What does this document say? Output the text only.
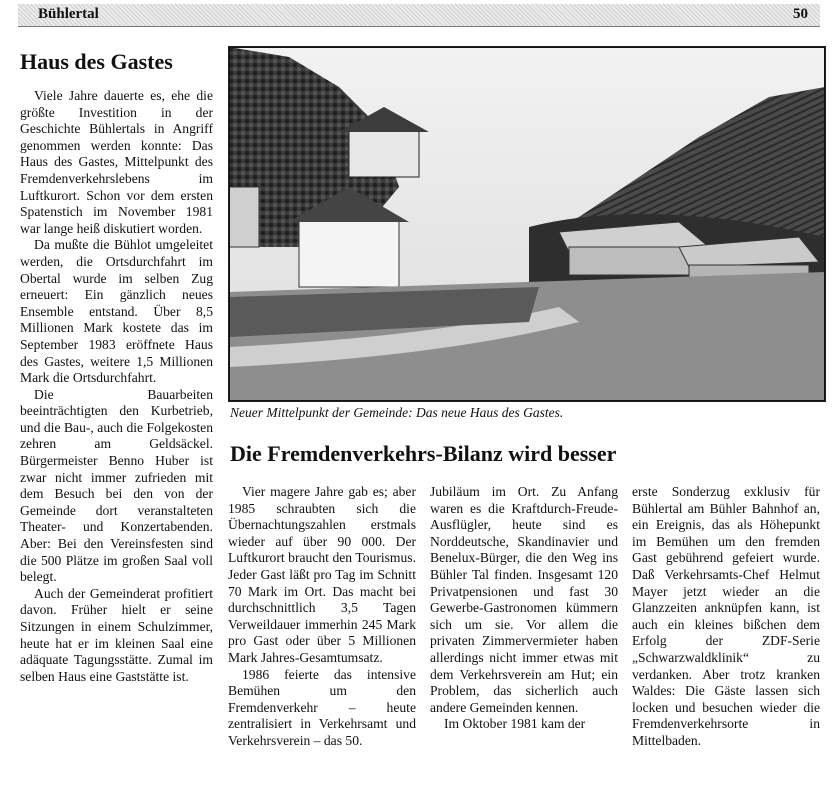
Bühlertal	50
Haus des Gastes

Viele Jahre dauerte es, ehe die größte Investition in der Geschichte Bühlertals in Angriff genommen werden konnte: Das Haus des Gastes, Mittelpunkt des Fremdenverkehrslebens im Luftkurort. Schon vor dem ersten Spatenstich im November 1981 war lange heiß diskutiert worden.

Da mußte die Bühlot umgeleitet werden, die Ortsdurchfahrt im Obertal wurde im selben Zug erneuert: Ein gänzlich neues Ensemble entstand. Über 8,5 Millionen Mark kostete das im September 1983 eröffnete Haus des Gastes, weitere 1,5 Millionen Mark die Ortsdurchfahrt.

Die Bauarbeiten beeinträchtigten den Kurbetrieb, und die Bau-, auch die Folgekosten zehren am Geldsäckel. Bürgermeister Benno Huber ist zwar nicht immer zufrieden mit dem Besuch bei den von der Gemeinde dort veranstalteten Theater- und Konzertabenden. Aber: Bei den Vereinsfesten sind die 500 Plätze im großen Saal voll belegt.

Auch der Gemeinderat profitiert davon. Früher hielt er seine Sitzungen in einem Schulzimmer, heute hat er im kleinen Saal eine adäquate Tagungsstätte. Zumal im selben Haus eine Gaststätte ist.

Neuer Mittelpunkt der Gemeinde: Das neue Haus des Gastes.
Die Fremdenverkehrs-Bilanz wird besser

Vier magere Jahre gab es; aber 1985 schraubten sich die Übernachtungszahlen erstmals wieder auf über 90 000. Der Luftkurort braucht den Tourismus. Jeder Gast läßt pro Tag im Schnitt 70 Mark im Ort. Das macht bei durchschnittlich 3,5 Tagen Verweildauer immerhin 245 Mark pro Gast oder über 5 Millionen Mark Jahres-Gesamtumsatz.

1986 feierte das intensive Bemühen um den Fremdenverkehr – heute zentralisiert in Verkehrsamt und Verkehrsverein – das 50.

Jubiläum im Ort. Zu Anfang waren es die Kraftdurch-Freude-Ausflügler, heute sind es Norddeutsche, Skandinavier und Benelux-Bürger, die den Weg ins Bühler Tal finden. Insgesamt 120 Privatpensionen und fast 30 Gewerbe-Gastronomen kümmern sich um sie. Vor allem die privaten Zimmervermieter haben allerdings nicht immer etwas mit dem Verkehrsverein am Hut; ein Problem, das sicherlich auch andere Gemeinden kennen.

Im Oktober 1981 kam der

erste Sonderzug exklusiv für Bühlertal am Bühler Bahnhof an, ein Ereignis, das als Höhepunkt im Bemühen um den fremden Gast gebührend gefeiert wurde. Daß Verkehrsamts-Chef Helmut Mayer jetzt wieder an die Glanzzeiten anknüpfen kann, ist auch ein kleines bißchen dem Erfolg der ZDF-Serie „Schwarzwaldklinik“ zu verdanken. Aber trotz kranken Waldes: Die Gäste lassen sich locken und besuchen wieder die Fremdenverkehrsorte in Mittelbaden.
